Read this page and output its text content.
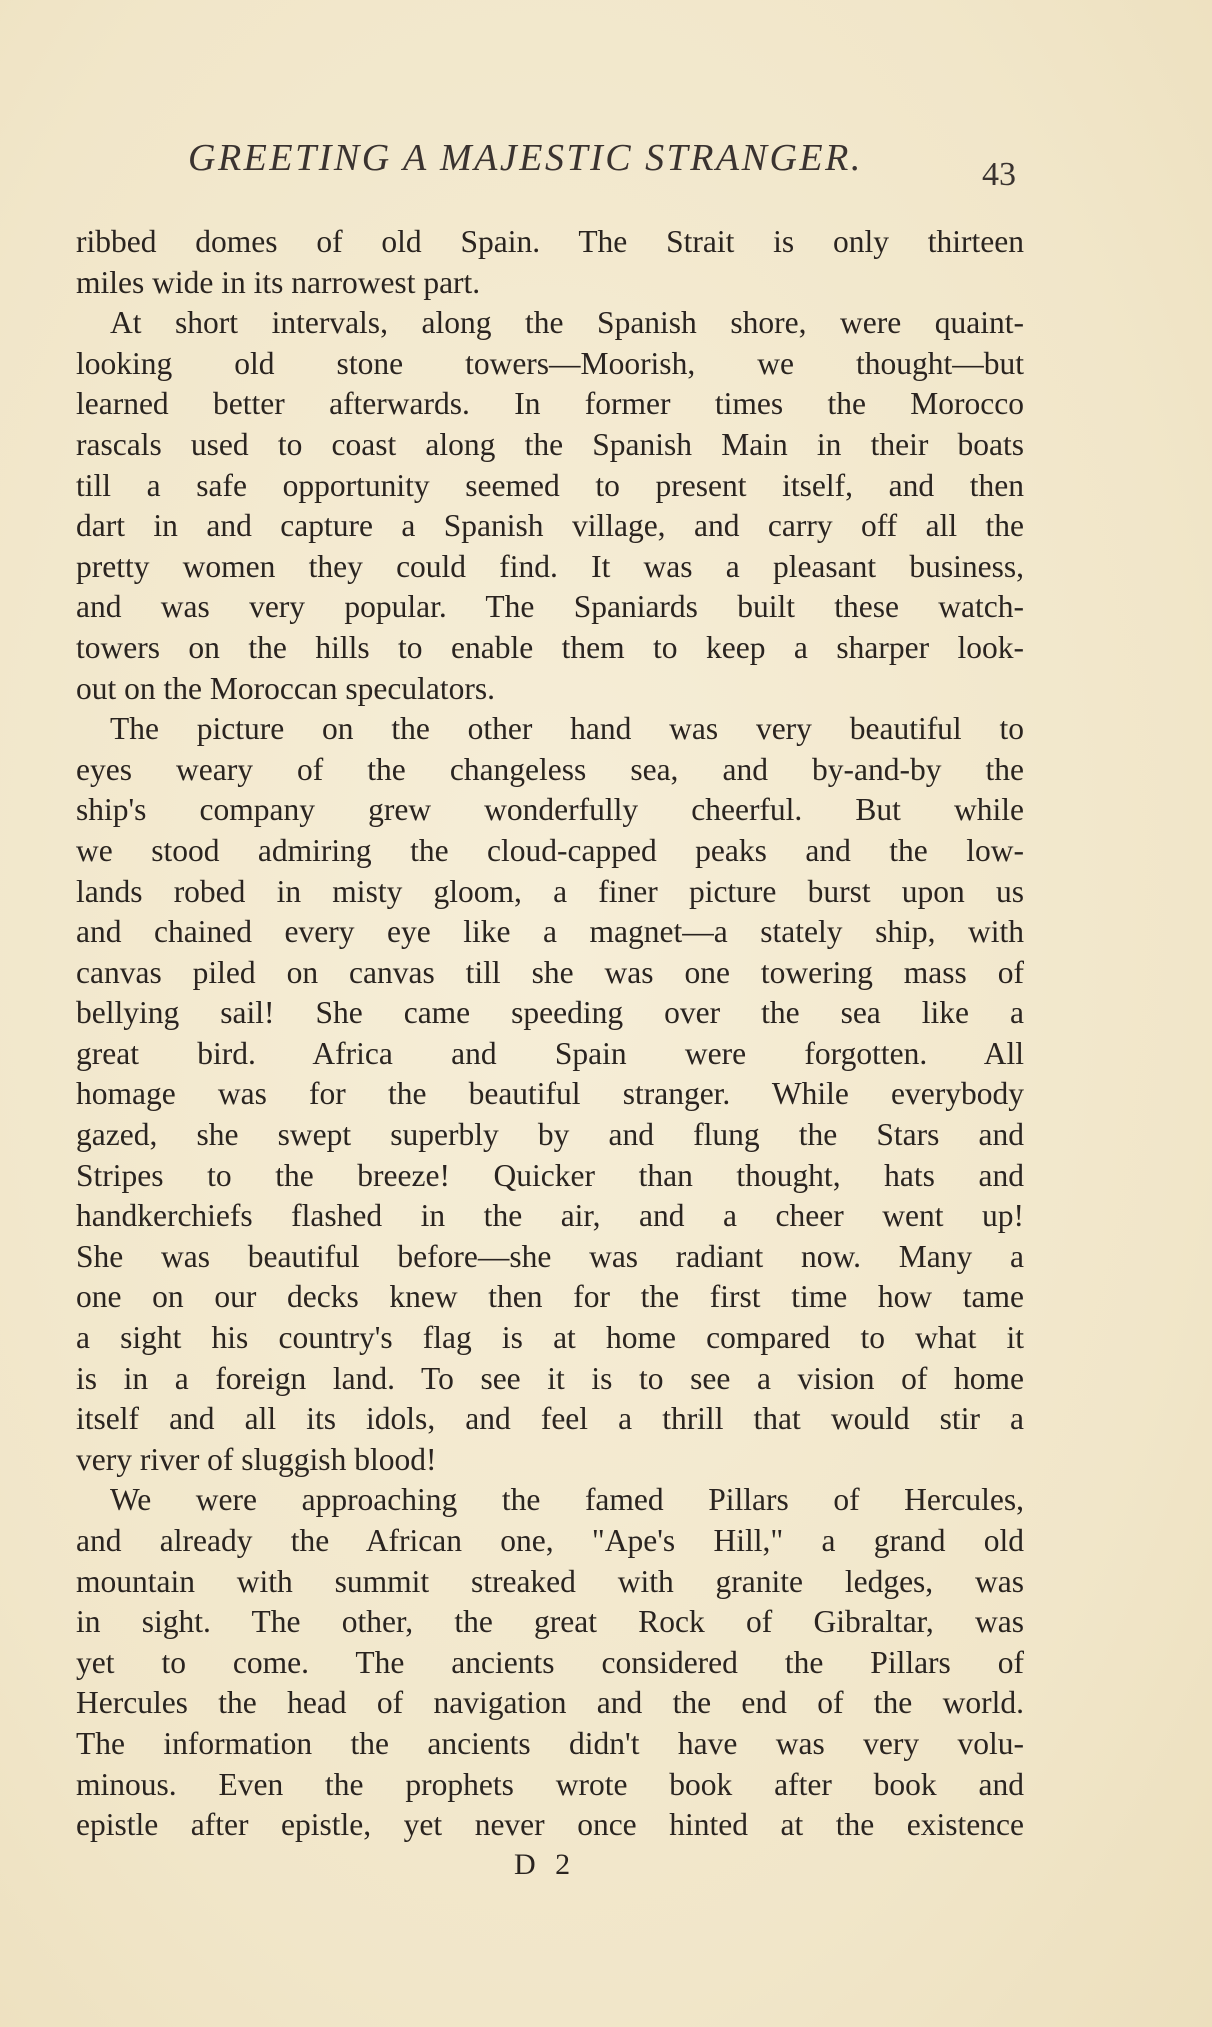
GREETING A MAJESTIC STRANGER.	43
ribbed domes of old Spain. The Strait is only thirteen
miles wide in its narrowest part.
At short intervals, along the Spanish shore, were quaint-
looking old stone towers—Moorish, we thought—but
learned better afterwards. In former times the Morocco
rascals used to coast along the Spanish Main in their boats
till a safe opportunity seemed to present itself, and then
dart in and capture a Spanish village, and carry off all the
pretty women they could find. It was a pleasant business,
and was very popular. The Spaniards built these watch-
towers on the hills to enable them to keep a sharper look-
out on the Moroccan speculators.
The picture on the other hand was very beautiful to
eyes weary of the changeless sea, and by-and-by the
ship's company grew wonderfully cheerful. But while
we stood admiring the cloud-capped peaks and the low-
lands robed in misty gloom, a finer picture burst upon us
and chained every eye like a magnet—a stately ship, with
canvas piled on canvas till she was one towering mass of
bellying sail! She came speeding over the sea like a
great bird. Africa and Spain were forgotten. All
homage was for the beautiful stranger. While everybody
gazed, she swept superbly by and flung the Stars and
Stripes to the breeze! Quicker than thought, hats and
handkerchiefs flashed in the air, and a cheer went up!
She was beautiful before—she was radiant now. Many a
one on our decks knew then for the first time how tame
a sight his country's flag is at home compared to what it
is in a foreign land. To see it is to see a vision of home
itself and all its idols, and feel a thrill that would stir a
very river of sluggish blood!
We were approaching the famed Pillars of Hercules,
and already the African one, "Ape's Hill," a grand old
mountain with summit streaked with granite ledges, was
in sight. The other, the great Rock of Gibraltar, was
yet to come. The ancients considered the Pillars of
Hercules the head of navigation and the end of the world.
The information the ancients didn't have was very volu-
minous. Even the prophets wrote book after book and
epistle after epistle, yet never once hinted at the existence
D 2
